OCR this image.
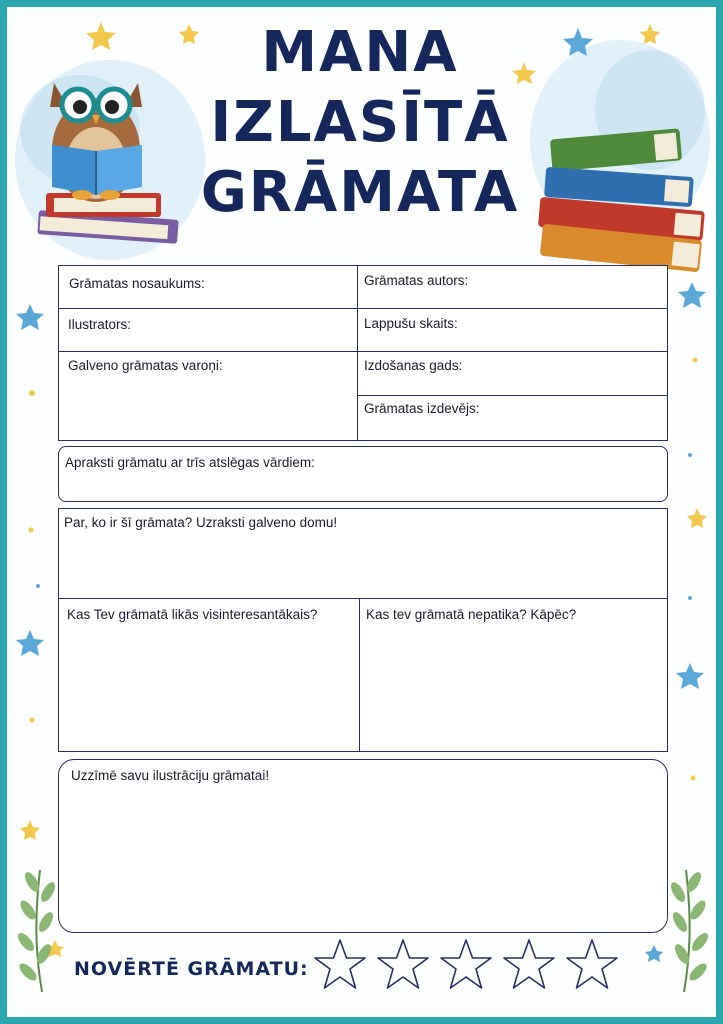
MANA
IZLASĪTĀ
GRĀMATA
Grāmatas nosaukums:	Grāmatas autors:
Ilustrators:	Lappušu skaits:
Galveno grāmatas varoņi:	Izdošanas gads:
Grāmatas izdevējs:
Apraksti grāmatu ar trīs atslēgas vārdiem:
Par, ko ir šī grāmata? Uzraksti galveno domu!
Kas Tev grāmatā likās visinteresantākais?	Kas tev grāmatā nepatika? Kāpēc?
Uzzīmē savu ilustrāciju grāmatai!
NOVĒRTĒ GRĀMATU:
